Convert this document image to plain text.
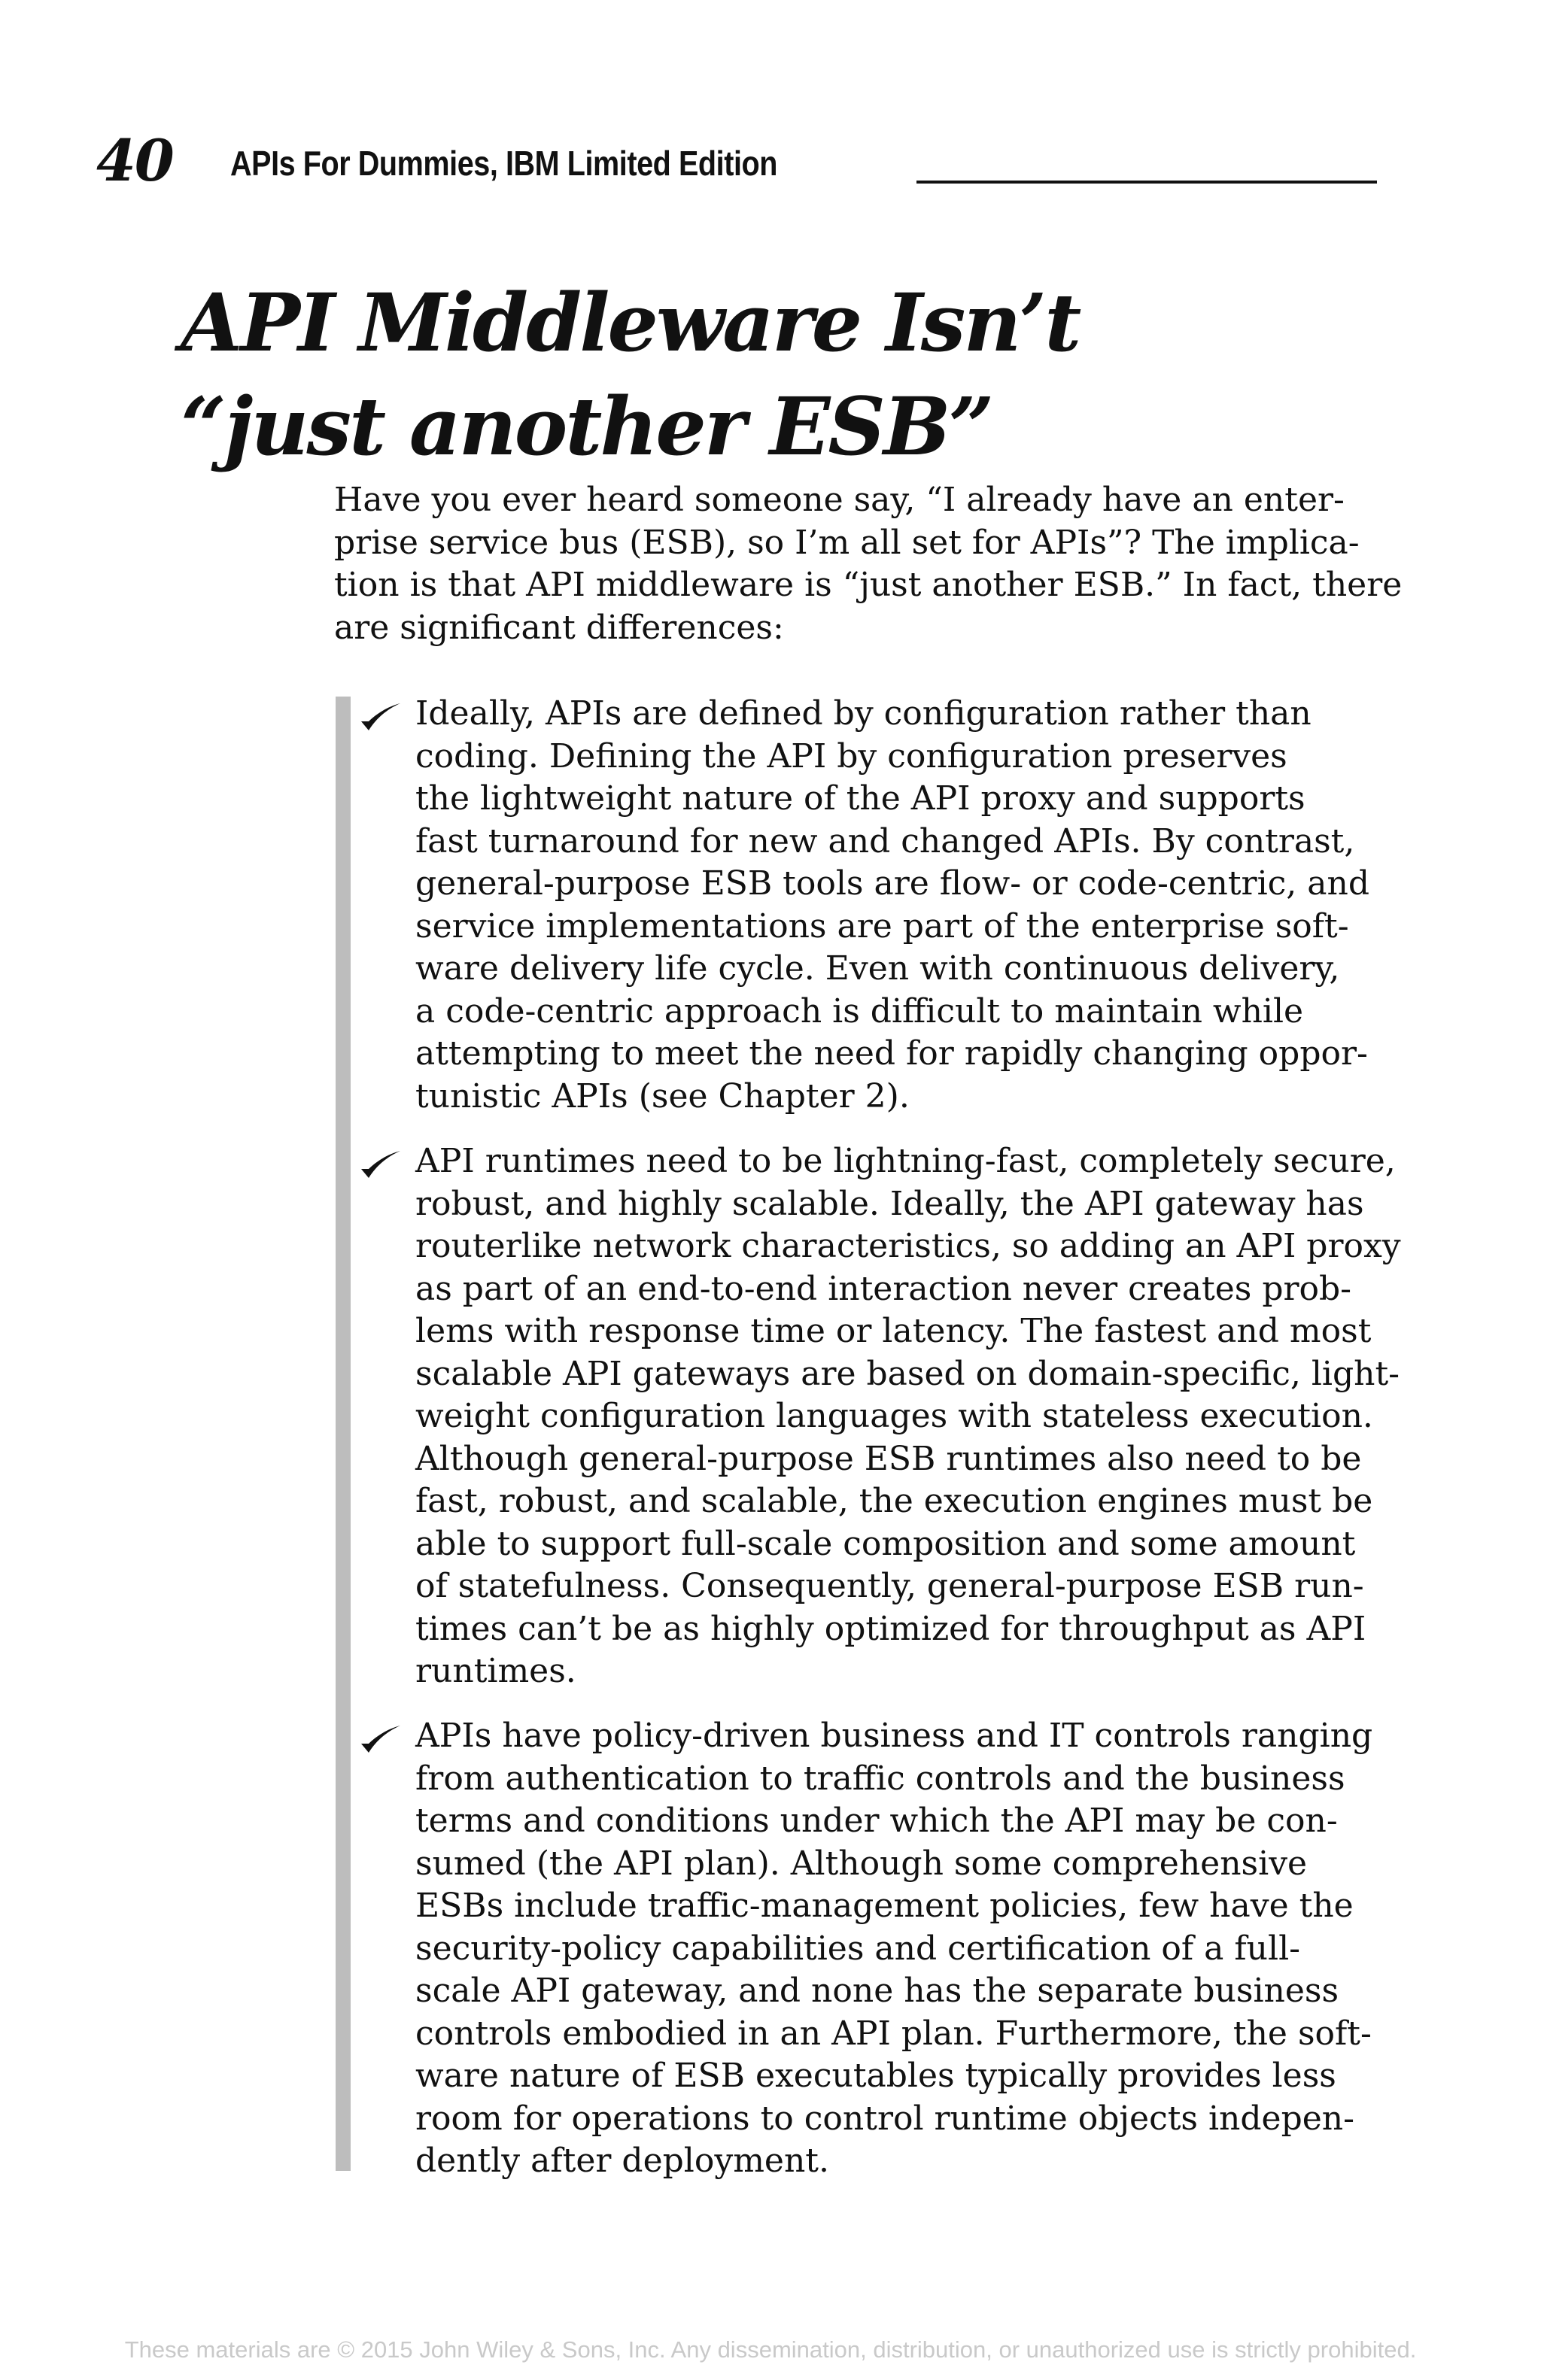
40 APIs For Dummies, IBM Limited Edition
API Middleware Isn’t
“just another ESB”

Have you ever heard someone say, “I already have an enter-
prise service bus (ESB), so I’m all set for APIs”? The implica-
tion is that API middleware is “just another ESB.” In fact, there
are significant differences:

Ideally, APIs are defined by configuration rather than
coding. Defining the API by configuration preserves
the lightweight nature of the API proxy and supports
fast turnaround for new and changed APIs. By contrast,
general-purpose ESB tools are flow- or code-centric, and
service implementations are part of the enterprise soft-
ware delivery life cycle. Even with continuous delivery,
a code-centric approach is difficult to maintain while
attempting to meet the need for rapidly changing oppor-
tunistic APIs (see Chapter 2).
API runtimes need to be lightning-fast, completely secure,
robust, and highly scalable. Ideally, the API gateway has
routerlike network characteristics, so adding an API proxy
as part of an end-to-end interaction never creates prob-
lems with response time or latency. The fastest and most
scalable API gateways are based on domain-specific, light-
weight configuration languages with stateless execution.
Although general-purpose ESB runtimes also need to be
fast, robust, and scalable, the execution engines must be
able to support full-scale composition and some amount
of statefulness. Consequently, general-purpose ESB run-
times can’t be as highly optimized for throughput as API
runtimes.
APIs have policy-driven business and IT controls ranging
from authentication to traffic controls and the business
terms and conditions under which the API may be con-
sumed (the API plan). Although some comprehensive
ESBs include traffic-management policies, few have the
security-policy capabilities and certification of a full-
scale API gateway, and none has the separate business
controls embodied in an API plan. Furthermore, the soft-
ware nature of ESB executables typically provides less
room for operations to control runtime objects indepen-
dently after deployment.
These materials are © 2015 John Wiley & Sons, Inc. Any dissemination, distribution, or unauthorized use is strictly prohibited.
